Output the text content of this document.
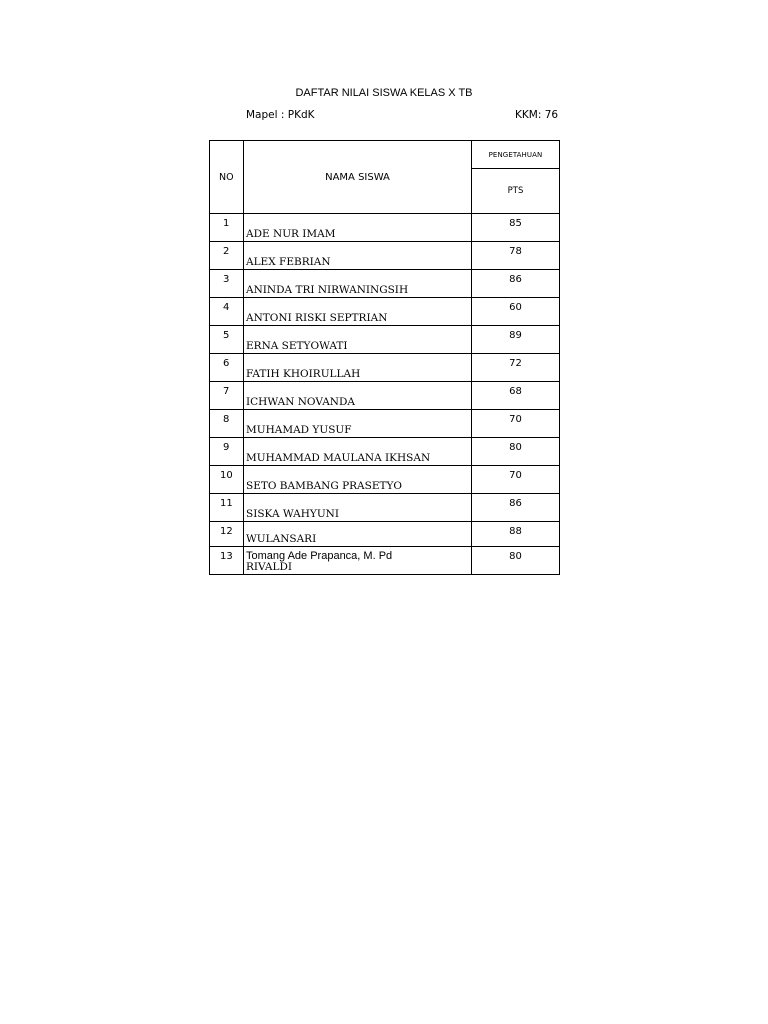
DAFTAR NILAI SISWA KELAS X TB
Mapel : PKdK	KKM: 76
NO	NAMA SISWA	PENGETAHUAN
		PTS
1	ADE NUR IMAM	85
2	ALEX FEBRIAN	78
3	ANINDA TRI NIRWANINGSIH	86
4	ANTONI RISKI SEPTRIAN	60
5	ERNA SETYOWATI	89
6	FATIH KHOIRULLAH	72
7	ICHWAN NOVANDA	68
8	MUHAMAD YUSUF	70
9	MUHAMMAD MAULANA IKHSAN	80
10	SETO BAMBANG PRASETYO	70
11	SISKA WAHYUNI	86
12	WULANSARI	88
13	RIVALDI	80
Tomang Ade Prapanca, M. Pd
